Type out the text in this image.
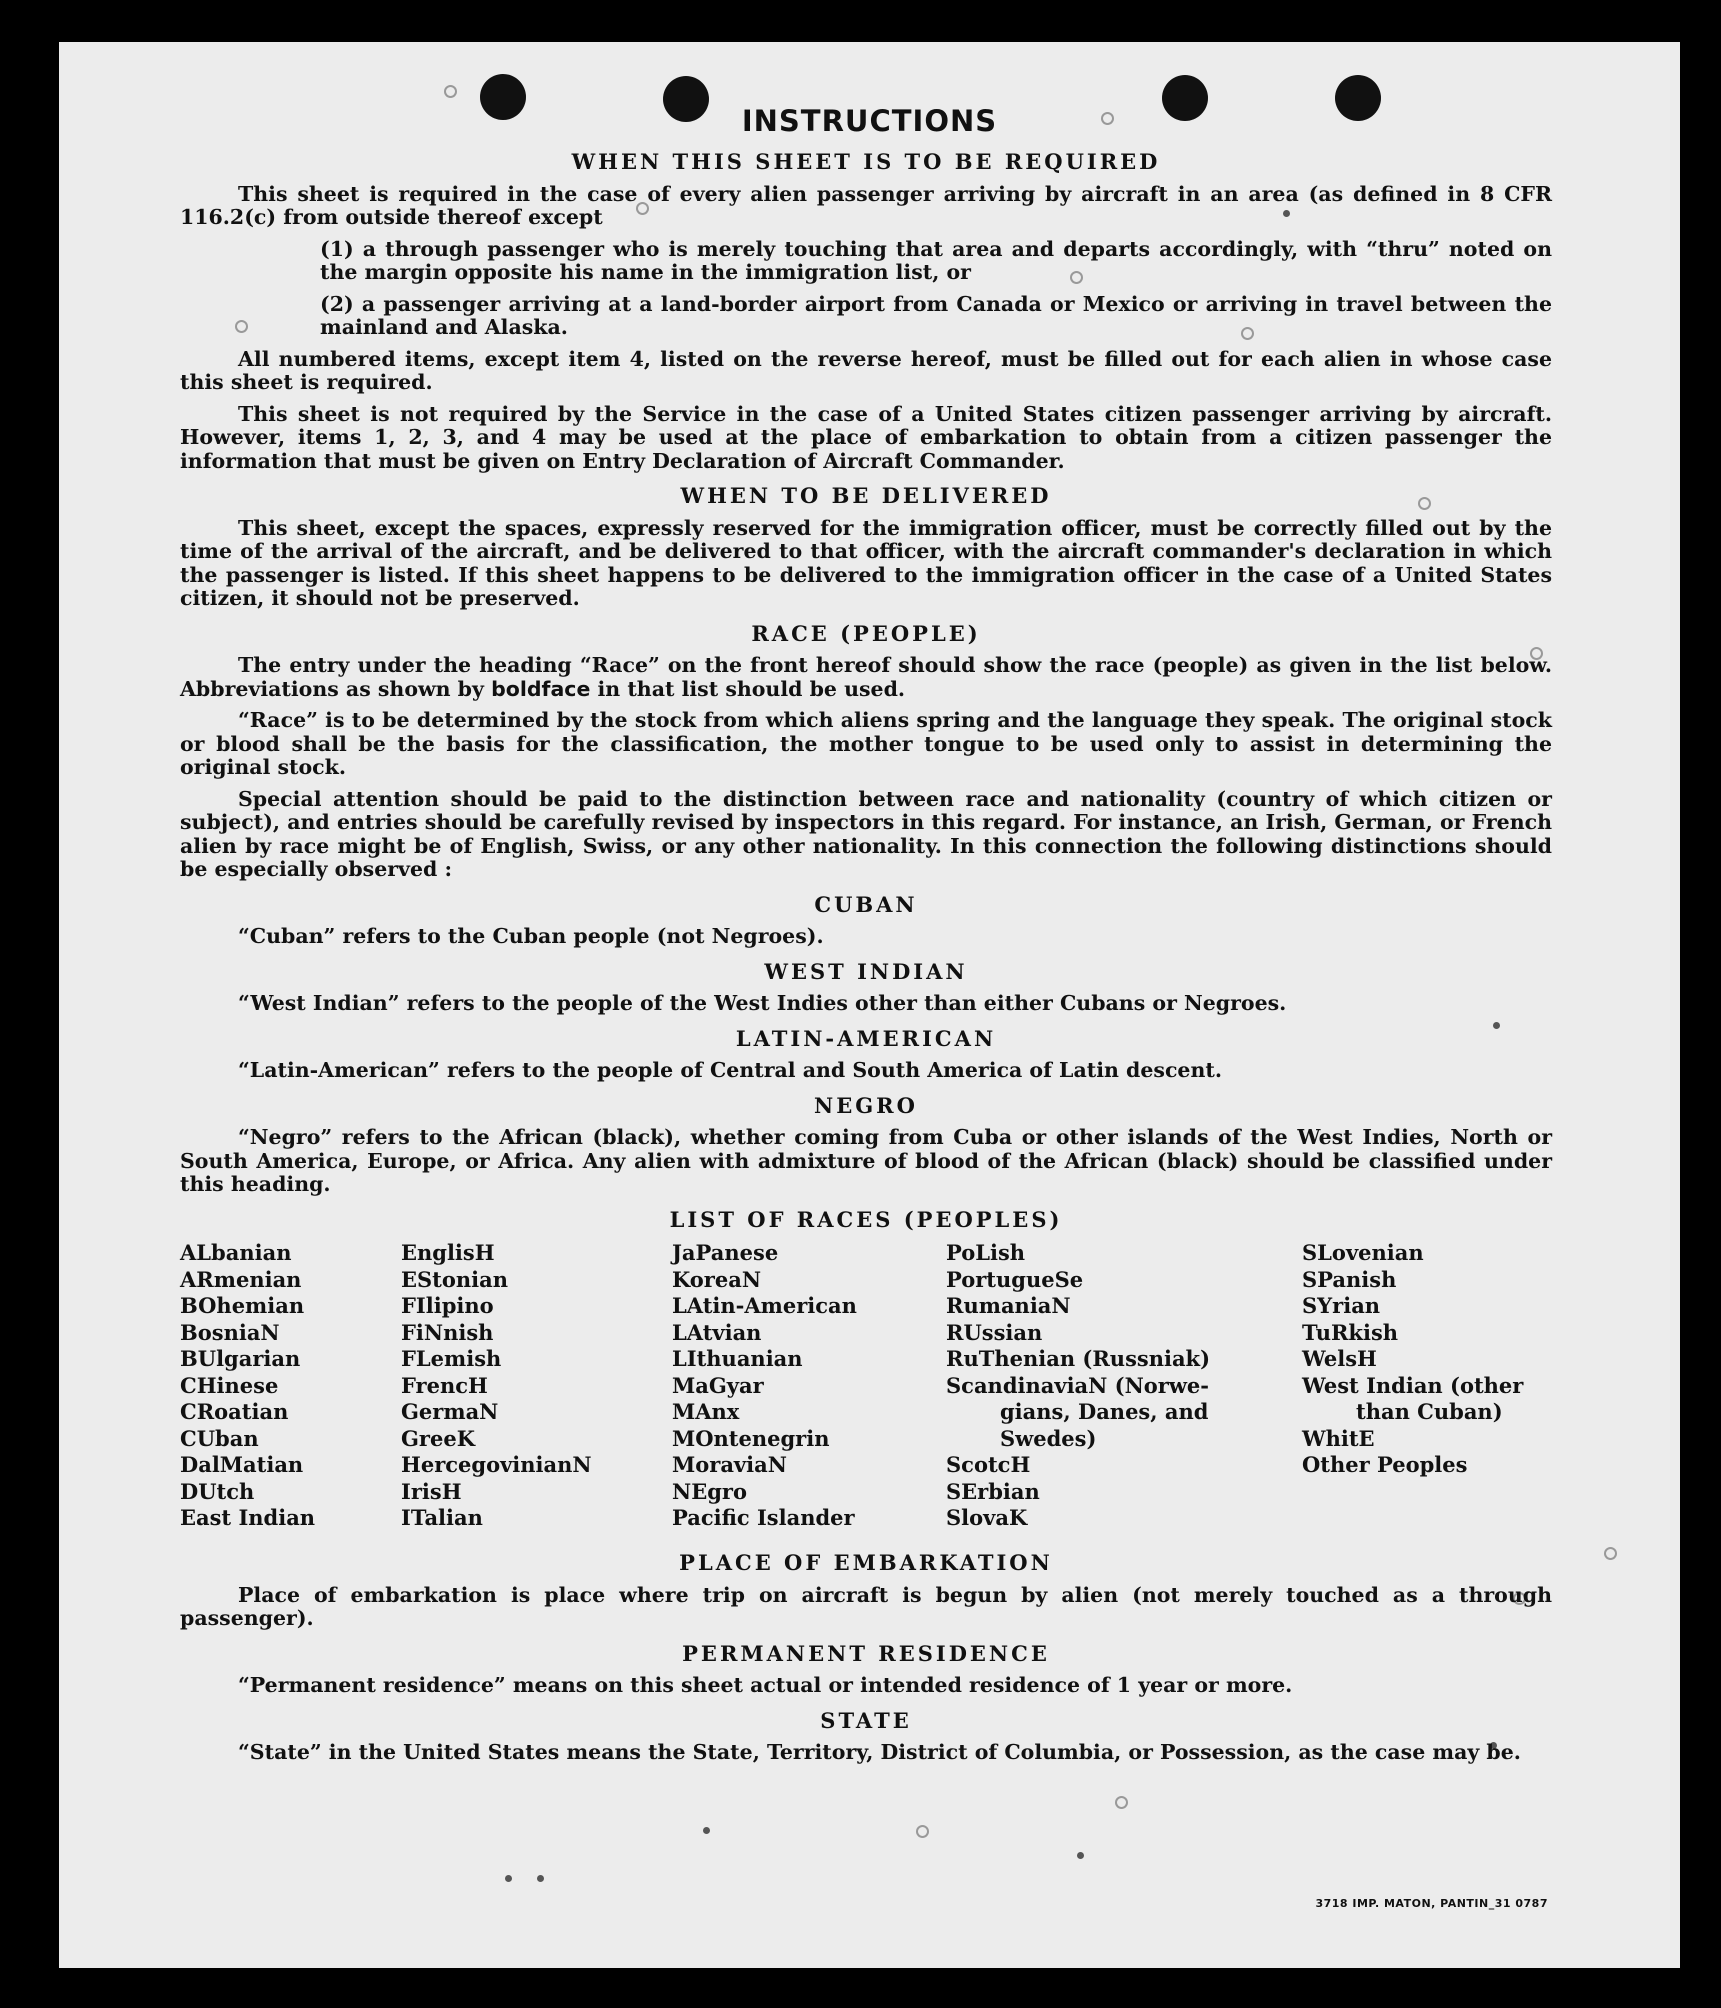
INSTRUCTIONS
WHEN THIS SHEET IS TO BE REQUIRED

This sheet is required in the case of every alien passenger arriving by aircraft in an area (as defined in 8 CFR 116.2(c) from outside thereof except

(1) a through passenger who is merely touching that area and departs accordingly, with “thru” noted on the margin opposite his name in the immigration list, or

(2) a passenger arriving at a land-border airport from Canada or Mexico or arriving in travel between the mainland and Alaska.

All numbered items, except item 4, listed on the reverse hereof, must be filled out for each alien in whose case this sheet is required.

This sheet is not required by the Service in the case of a United States citizen passenger arriving by aircraft. However, items 1, 2, 3, and 4 may be used at the place of embarkation to obtain from a citizen passenger the information that must be given on Entry Declaration of Aircraft Commander.

WHEN TO BE DELIVERED

This sheet, except the spaces, expressly reserved for the immigration officer, must be correctly filled out by the time of the arrival of the aircraft, and be delivered to that officer, with the aircraft commander's declaration in which the passenger is listed. If this sheet happens to be delivered to the immigration officer in the case of a United States citizen, it should not be preserved.

RACE (PEOPLE)

The entry under the heading “Race” on the front hereof should show the race (people) as given in the list below. Abbreviations as shown by boldface in that list should be used.

“Race” is to be determined by the stock from which aliens spring and the language they speak. The original stock or blood shall be the basis for the classification, the mother tongue to be used only to assist in determining the original stock.

Special attention should be paid to the distinction between race and nationality (country of which citizen or subject), and entries should be carefully revised by inspectors in this regard. For instance, an Irish, German, or French alien by race might be of English, Swiss, or any other nationality. In this connection the following distinctions should be especially observed :

CUBAN

“Cuban” refers to the Cuban people (not Negroes).

WEST INDIAN

“West Indian” refers to the people of the West Indies other than either Cubans or Negroes.

LATIN-AMERICAN

“Latin-American” refers to the people of Central and South America of Latin descent.

NEGRO

“Negro” refers to the African (black), whether coming from Cuba or other islands of the West Indies, North or South America, Europe, or Africa. Any alien with admixture of blood of the African (black) should be classified under this heading.

LIST OF RACES (PEOPLES)
ALbanian
ARmenian
BOhemian
BosniaN
BUlgarian
CHinese
CRoatian
CUban
DalMatian
DUtch
East Indian
EnglisH
EStonian
FIlipino
FiNnish
FLemish
FrencH
GermaN
GreeK
HercegovinianN
IrisH
ITalian
JaPanese
KoreaN
LAtin-American
LAtvian
LIthuanian
MaGyar
MAnx
MOntenegrin
MoraviaN
NEgro
Pacific Islander
PoLish
PortugueSe
RumaniaN
RUssian
RuThenian (Russniak)
ScandinaviaN (Norwe-
gians, Danes, and
Swedes)
ScotcH
SErbian
SlovaK
SLovenian
SPanish
SYrian
TuRkish
WelsH
West Indian (other
than Cuban)
WhitE
Other Peoples
PLACE OF EMBARKATION

Place of embarkation is place where trip on aircraft is begun by alien (not merely touched as a through passenger).

PERMANENT RESIDENCE

“Permanent residence” means on this sheet actual or intended residence of 1 year or more.

STATE

“State” in the United States means the State, Territory, District of Columbia, or Possession, as the case may be.

3718 IMP. MATON, PANTIN_31 0787
